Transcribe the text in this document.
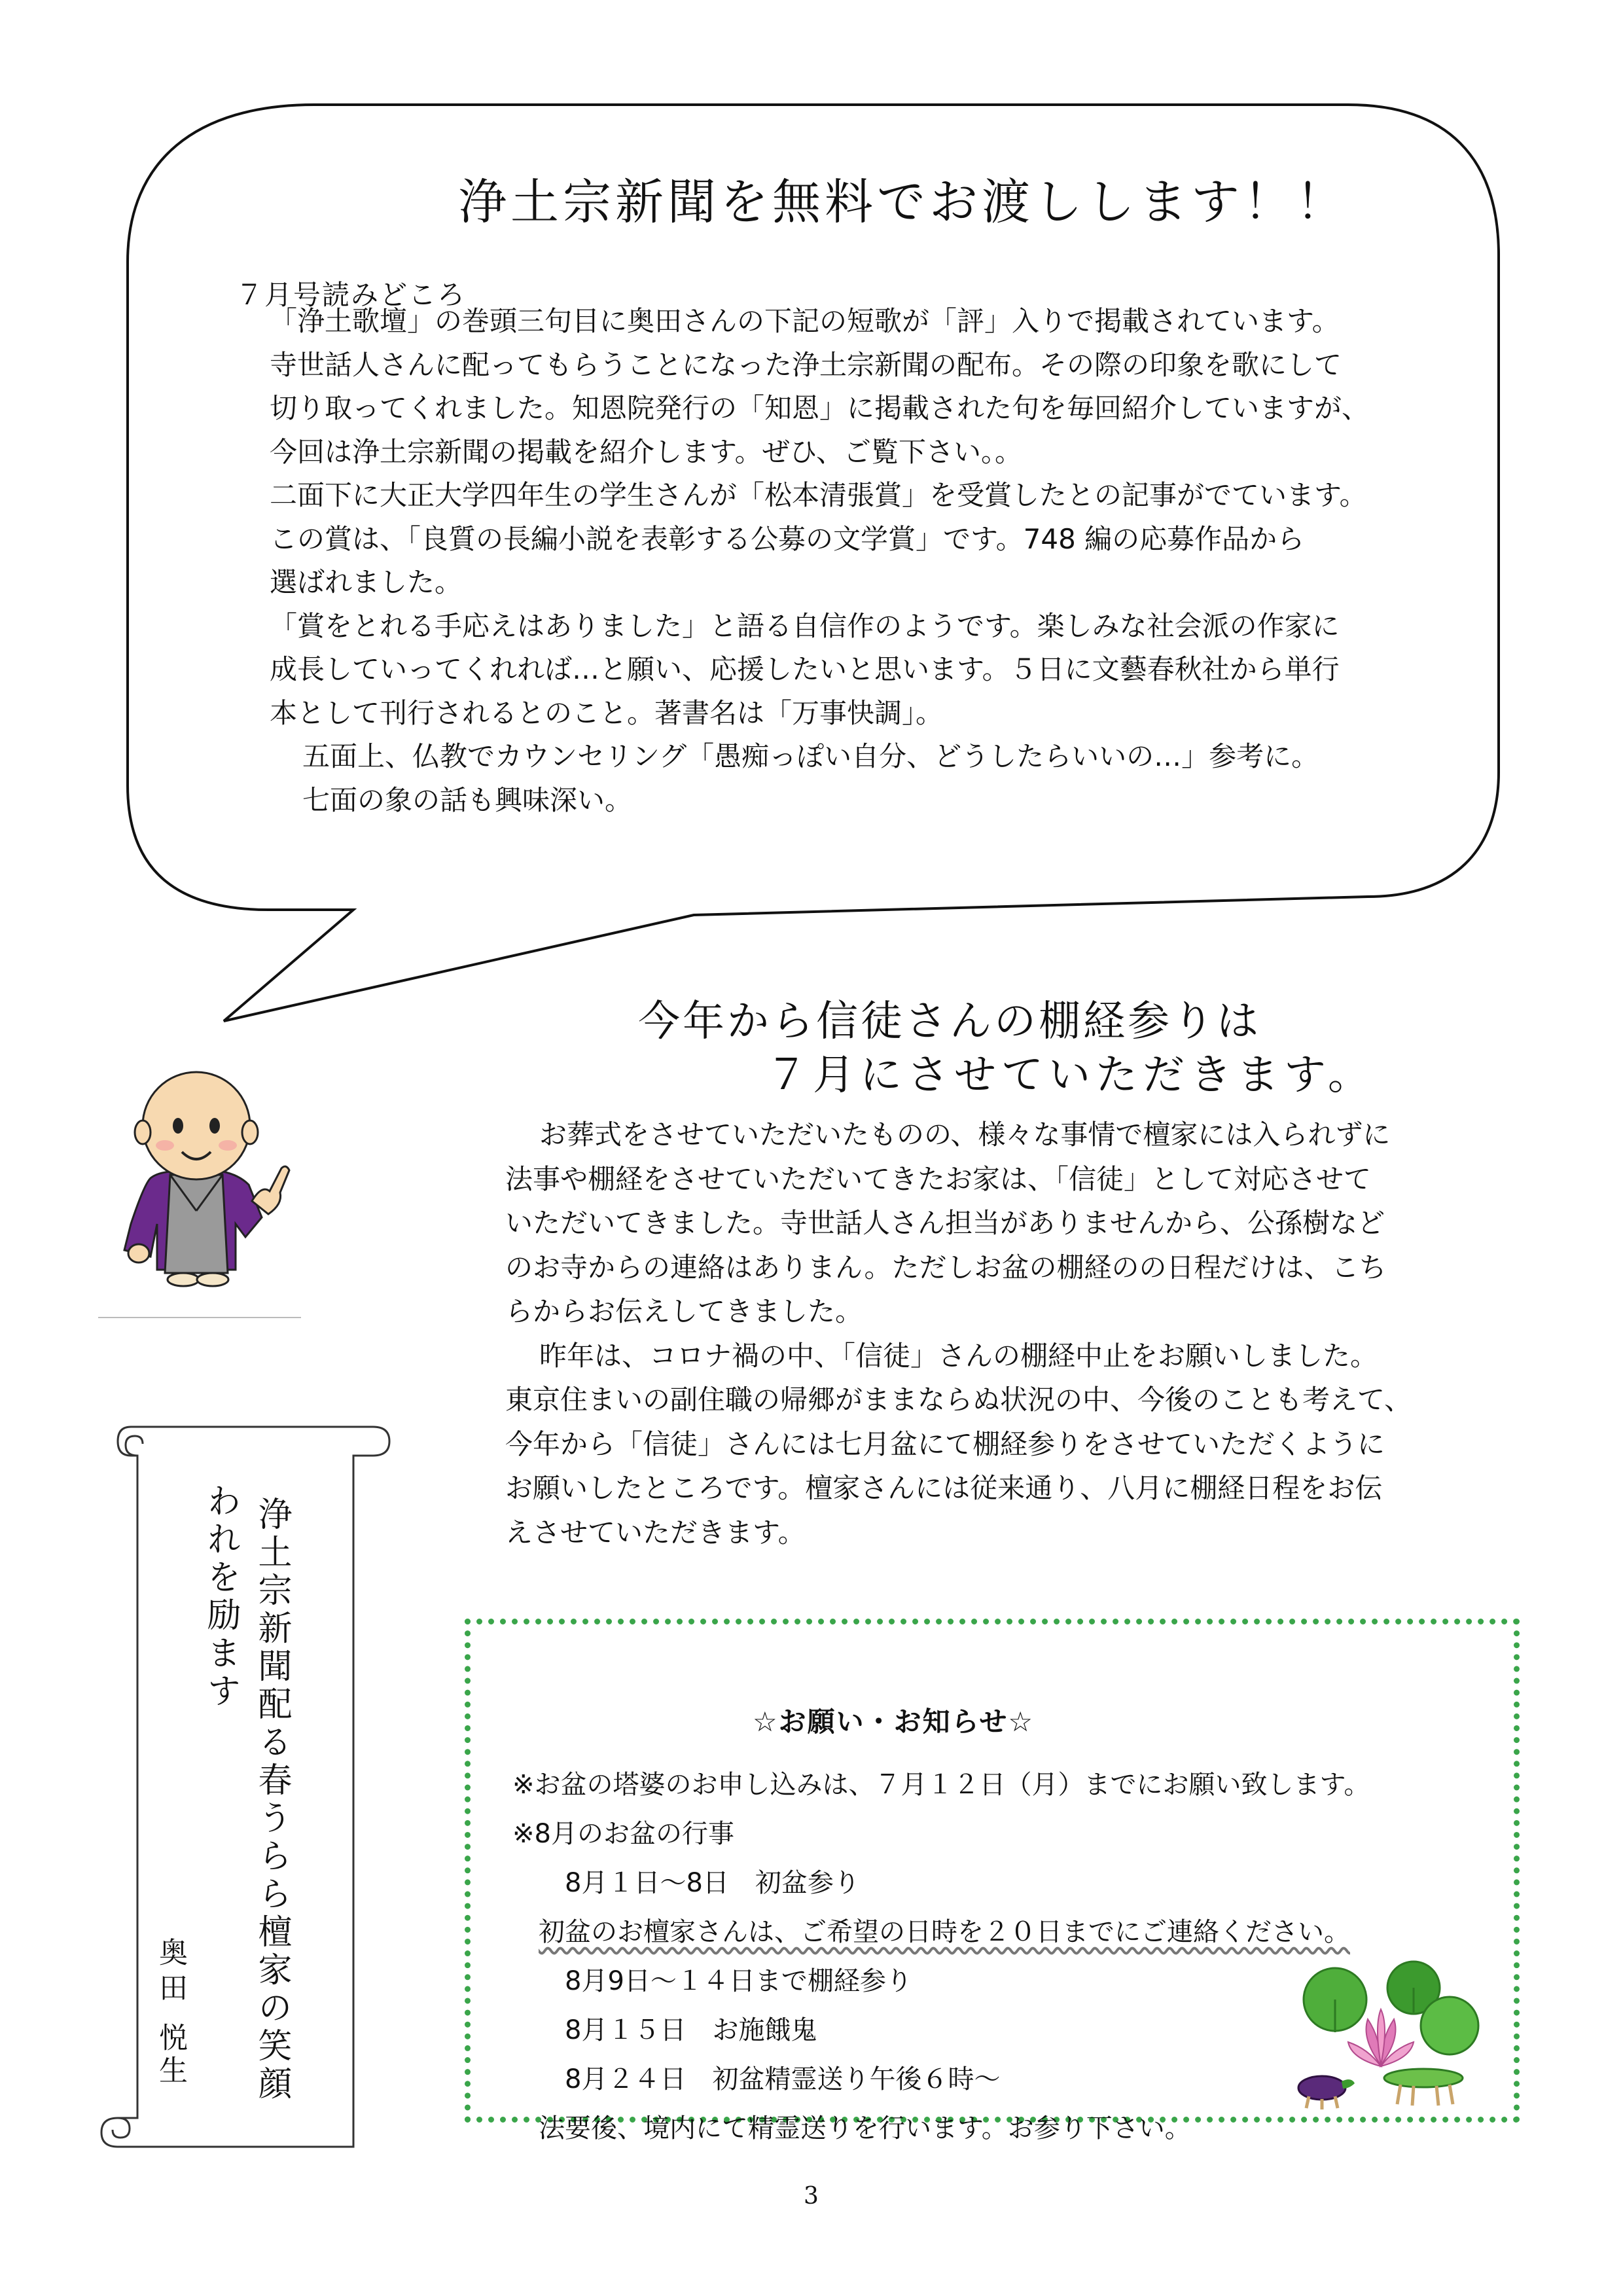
浄土宗新聞を無料でお渡しします！！
７月号読みどころ

「浄土歌壇」の巻頭三句目に奥田さんの下記の短歌が「評」入りで掲載されています。

寺世話人さんに配ってもらうことになった浄土宗新聞の配布。その際の印象を歌にして

切り取ってくれました。知恩院発行の「知恩」に掲載された句を毎回紹介していますが、

今回は浄土宗新聞の掲載を紹介します。ぜひ、ご覧下さい。。

二面下に大正大学四年生の学生さんが「松本清張賞」を受賞したとの記事がでています。

この賞は、「良質の長編小説を表彰する公募の文学賞」です。748 編の応募作品から

選ばれました。

「賞をとれる手応えはありました」と語る自信作のようです。楽しみな社会派の作家に

成長していってくれれば…と願い、応援したいと思います。５日に文藝春秋社から単行

本として刊行されるとのこと。著書名は「万事快調」。

五面上、仏教でカウンセリング「愚痴っぽい自分、どうしたらいいの…」参考に。

七面の象の話も興味深い。

今年から信徒さんの棚経参りは
７月にさせていただきます。

お葬式をさせていただいたものの、様々な事情で檀家には入られずに

法事や棚経をさせていただいてきたお家は、「信徒」として対応させて

いただいてきました。寺世話人さん担当がありませんから、公孫樹など

のお寺からの連絡はありまん。ただしお盆の棚経のの日程だけは、こち

らからお伝えしてきました。

昨年は、コロナ禍の中、「信徒」さんの棚経中止をお願いしました。

東京住まいの副住職の帰郷がままならぬ状況の中、今後のことも考えて、

今年から「信徒」さんには七月盆にて棚経参りをさせていただくように

お願いしたところです。檀家さんには従来通り、八月に棚経日程をお伝

えさせていただきます。

浄土宗新聞配る春うらら檀家の笑顔
われを励ます
奥田
悦生
☆お願い・お知らせ☆

※お盆の塔婆のお申し込みは、７月１２日（月）までにお願い致します。

※8月のお盆の行事

8月１日～8日　初盆参り

初盆のお檀家さんは、ご希望の日時を２０日までにご連絡ください。

8月9日～１４日まで棚経参り

8月１５日　お施餓鬼

8月２４日　初盆精霊送り午後６時～

法要後、境内にて精霊送りを行います。お参り下さい。

3
